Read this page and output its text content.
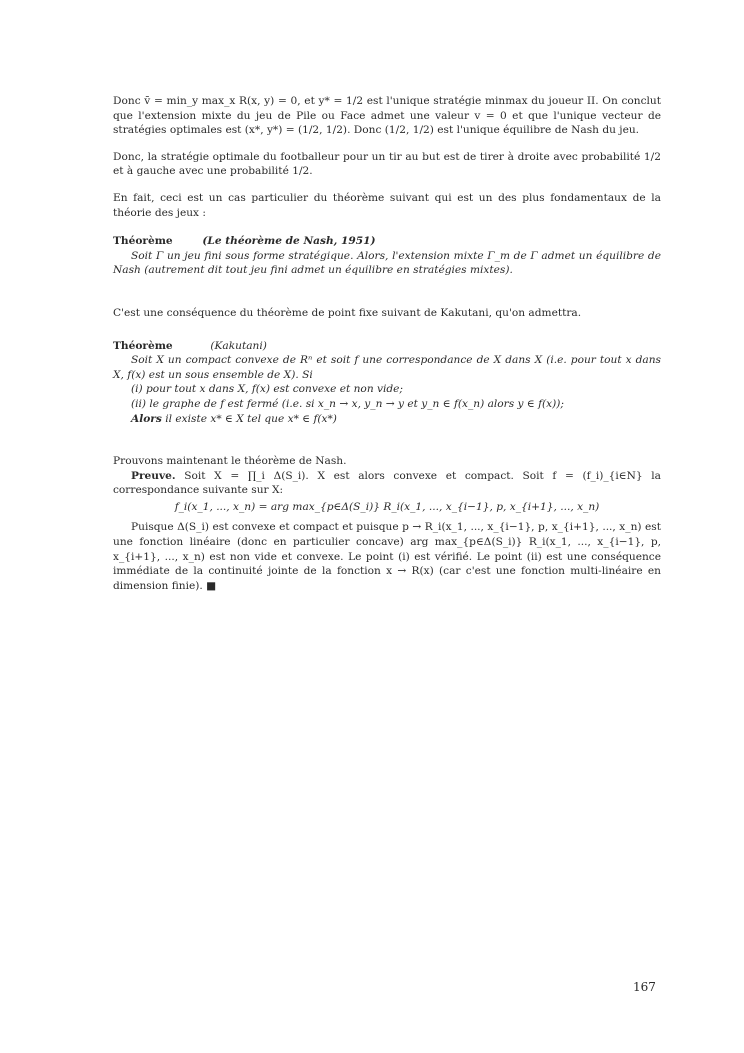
Donc v̄ = min_y max_x R(x, y) = 0, et y* = 1/2 est l'unique stratégie minmax du joueur II. On conclut que l'extension mixte du jeu de Pile ou Face admet une valeur v = 0 et que l'unique vecteur de stratégies optimales est (x*, y*) = (1/2, 1/2). Donc (1/2, 1/2) est l'unique équilibre de Nash du jeu.

Donc, la stratégie optimale du footballeur pour un tir au but est de tirer à droite avec probabilité 1/2 et à gauche avec une probabilité 1/2.

En fait, ceci est un cas particulier du théorème suivant qui est un des plus fondamentaux de la théorie des jeux :

Théorème	(Le théorème de Nash, 1951)

Soit Γ un jeu fini sous forme stratégique. Alors, l'extension mixte Γ_m de Γ admet un équilibre de Nash (autrement dit tout jeu fini admet un équilibre en stratégies mixtes).

C'est une conséquence du théorème de point fixe suivant de Kakutani, qu'on admettra.

Théorème	(Kakutani)

Soit X un compact convexe de Rⁿ et soit f une correspondance de X dans X (i.e. pour tout x dans X, f(x) est un sous ensemble de X). Si

(i) pour tout x dans X, f(x) est convexe et non vide;

(ii) le graphe de f est fermé (i.e. si x_n → x, y_n → y et y_n ∈ f(x_n) alors y ∈ f(x));

Alors il existe x* ∈ X tel que x* ∈ f(x*)

Prouvons maintenant le théorème de Nash.

Preuve. Soit X = ∏_i Δ(S_i). X est alors convexe et compact. Soit f = (f_i)_{i∈N} la correspondance suivante sur X:

f_i(x_1, ..., x_n) = arg max_{p∈Δ(S_i)} R_i(x_1, ..., x_{i−1}, p, x_{i+1}, ..., x_n)

Puisque Δ(S_i) est convexe et compact et puisque p → R_i(x_1, ..., x_{i−1}, p, x_{i+1}, ..., x_n) est une fonction linéaire (donc en particulier concave) arg max_{p∈Δ(S_i)} R_i(x_1, ..., x_{i−1}, p, x_{i+1}, ..., x_n) est non vide et convexe. Le point (i) est vérifié. Le point (ii) est une conséquence immédiate de la continuité jointe de la fonction x → R(x) (car c'est une fonction multi-linéaire en dimension finie). ■

167
